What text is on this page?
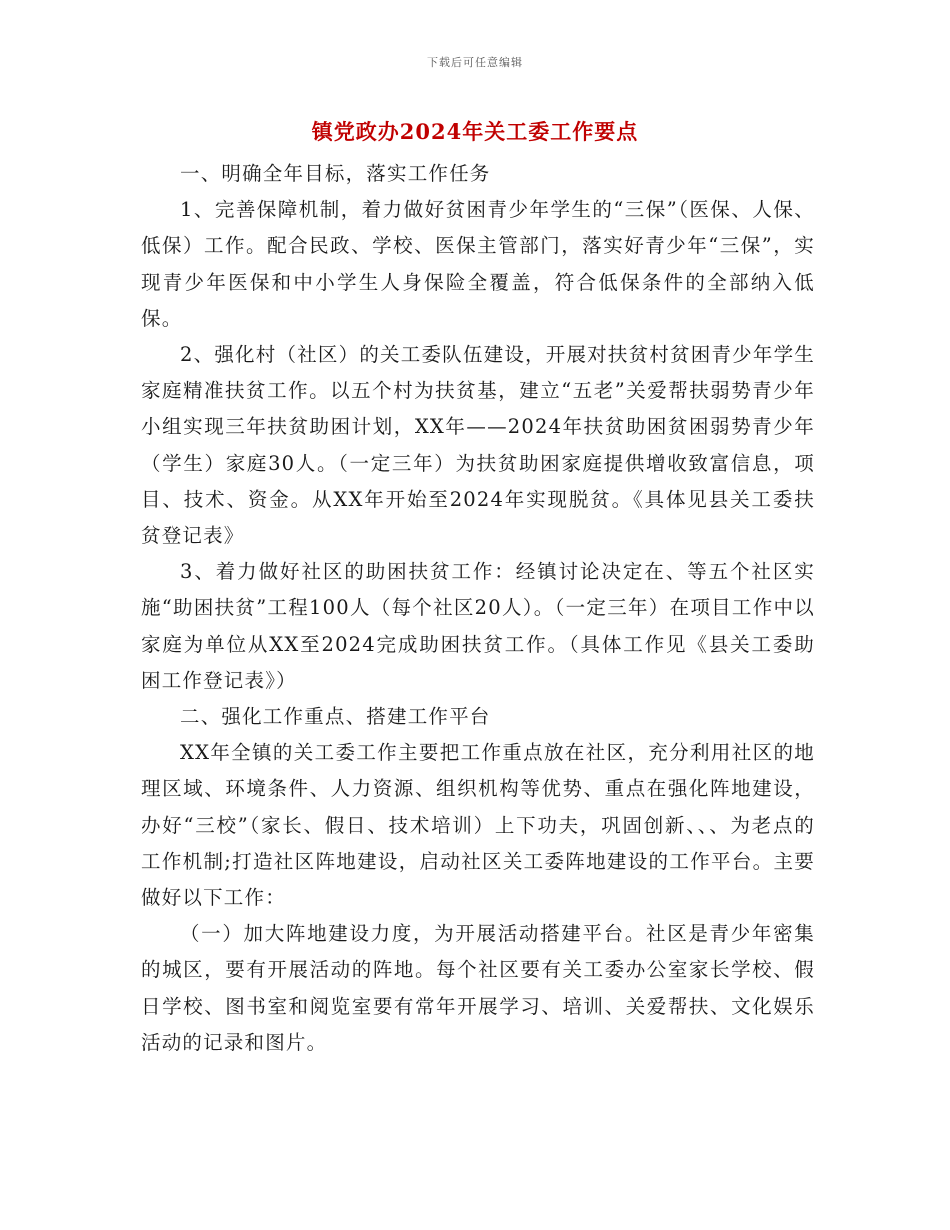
下载后可任意编辑
镇党政办2024年关工委工作要点

一、明确全年目标，落实工作任务

1、完善保障机制，着力做好贫困青少年学生的“三保”（医保、人保、低保）工作。配合民政、学校、医保主管部门，落实好青少年“三保”，实现青少年医保和中小学生人身保险全覆盖，符合低保条件的全部纳入低保。

2、强化村（社区）的关工委队伍建设，开展对扶贫村贫困青少年学生家庭精准扶贫工作。以五个村为扶贫基，建立“五老”关爱帮扶弱势青少年小组实现三年扶贫助困计划，XX年——2024年扶贫助困贫困弱势青少年（学生）家庭30人。（一定三年）为扶贫助困家庭提供增收致富信息，项目、技术、资金。从XX年开始至2024年实现脱贫。《具体见县关工委扶贫登记表》

3、着力做好社区的助困扶贫工作：经镇讨论决定在、等五个社区实施“助困扶贫”工程100人（每个社区20人）。（一定三年）在项目工作中以家庭为单位从XX至2024完成助困扶贫工作。（具体工作见《县关工委助困工作登记表》）

二、强化工作重点、搭建工作平台

XX年全镇的关工委工作主要把工作重点放在社区，充分利用社区的地理区域、环境条件、人力资源、组织机构等优势、重点在强化阵地建设，办好“三校”（家长、假日、技术培训）上下功夫，巩固创新、、、为老点的工作机制;打造社区阵地建设，启动社区关工委阵地建设的工作平台。主要做好以下工作：

（一）加大阵地建设力度，为开展活动搭建平台。社区是青少年密集的城区，要有开展活动的阵地。每个社区要有关工委办公室家长学校、假日学校、图书室和阅览室要有常年开展学习、培训、关爱帮扶、文化娱乐活动的记录和图片。
